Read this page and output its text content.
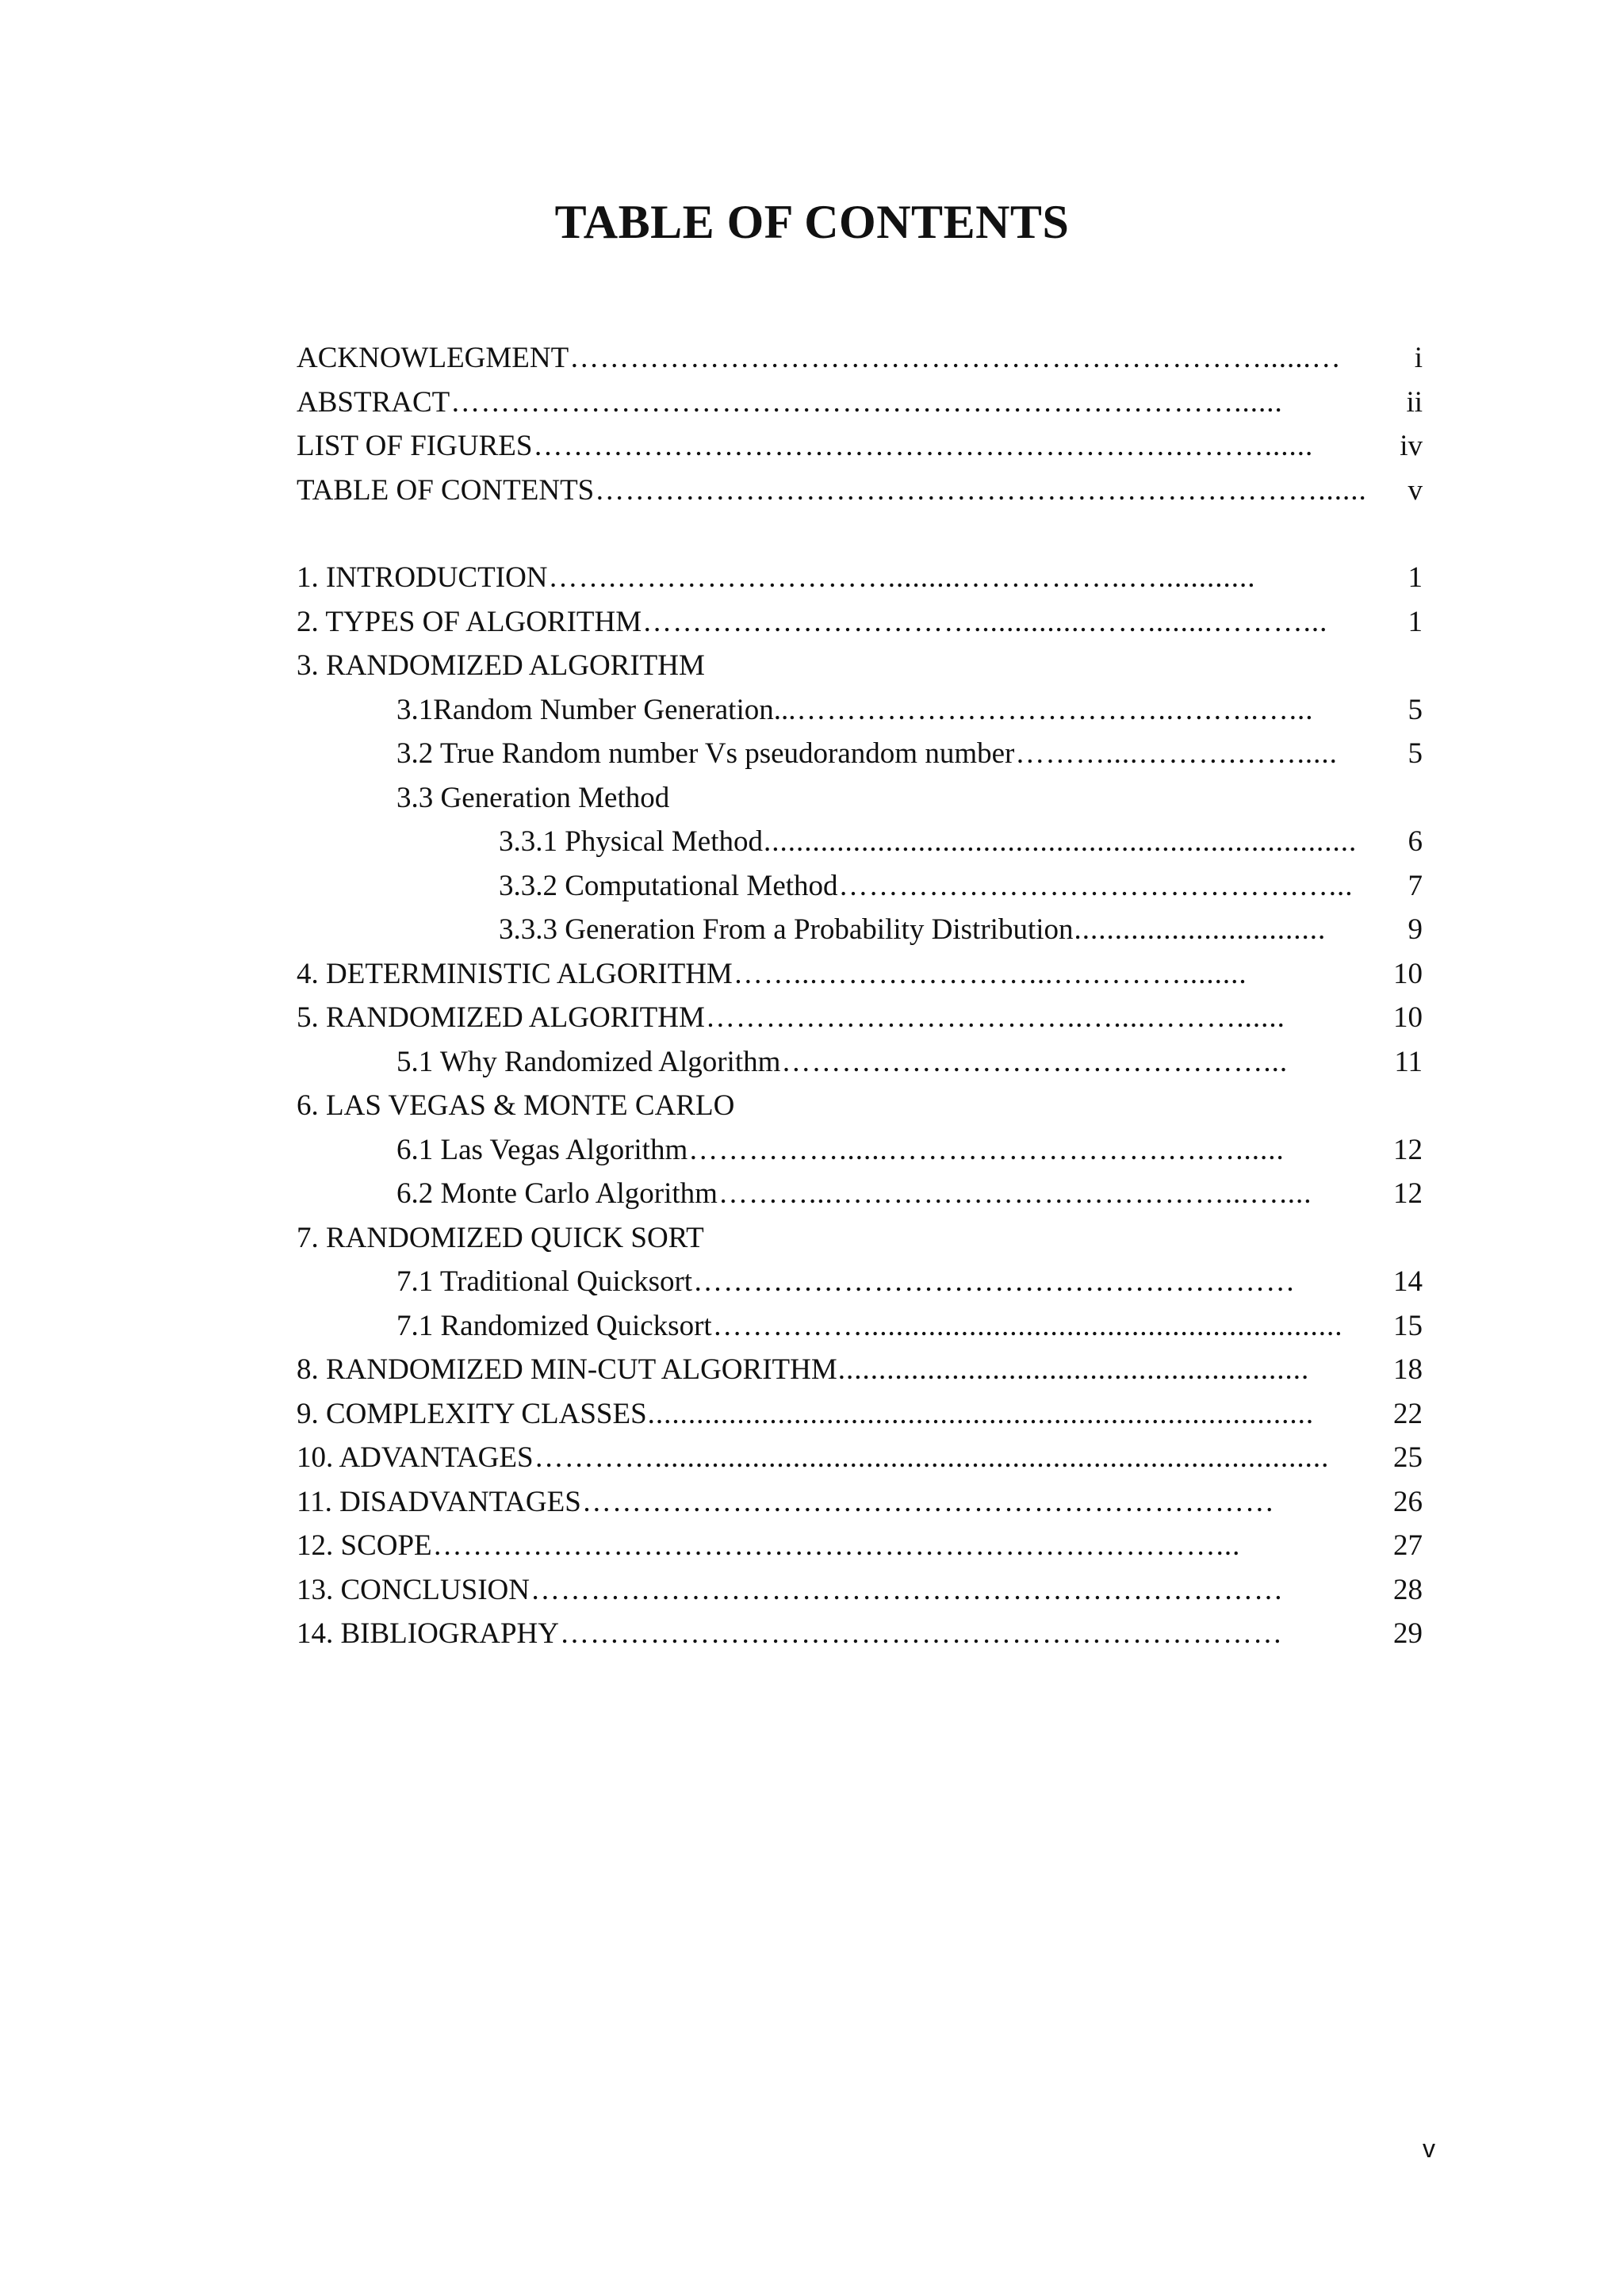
TABLE OF CONTENTS
ACKNOWLEGMENT	i
……………………………………………………………......…
ABSTRACT	ii
……………………………………………………………………......
LIST OF FIGURES	iv
……………………………………………………….………......
TABLE OF CONTENTS	v
………………………………………………………………......
1. INTRODUCTION	1
…….……………………….........……………..…............
2. TYPES OF ALGORITHM	1
……………………………..............……........………...
3. RANDOMIZED ALGORITHM
3.1Random Number Generation...	5
………………………………..….…..…...
3.2 True Random number Vs pseudorandom number	5
………....……….…….....
3.3 Generation Method
3.3.1 Physical Method	6
.........................................................................
3.3.2 Computational Method	7
……………………………………….…...
3.3.3 Generation From a Probability Distribution	9
...............................
4. DETERMINISTIC ALGORITHM	10
……...…………………...….………........
5. RANDOMIZED ALGORITHM	10
………………………………..…....………......
5.1 Why Randomized Algorithm	11
…………………………………………...
6. LAS VEGAS & MONTE CARLO
6.1 Las Vegas Algorithm	12
……………......……………………….….…......
6.2 Monte Carlo Algorithm	12
………...…………………………………...…....
7. RANDOMIZED QUICK SORT
7.1 Traditional Quicksort	14
……………………………………………………
7.1 Randomized Quicksort	15
……………...........................................................
8. RANDOMIZED MIN-CUT ALGORITHM	18
..........................................................
9. COMPLEXITY CLASSES	22
..................................................................................
10. ADVANTAGES	25
…………...................................................................................
11. DISADVANTAGES	26
……………………………………………………………
12. SCOPE	27
……………………………………………………………………...
13. CONCLUSION	28
…………………………………………………………………
14. BIBLIOGRAPHY	29
………………………………………………………………
v
